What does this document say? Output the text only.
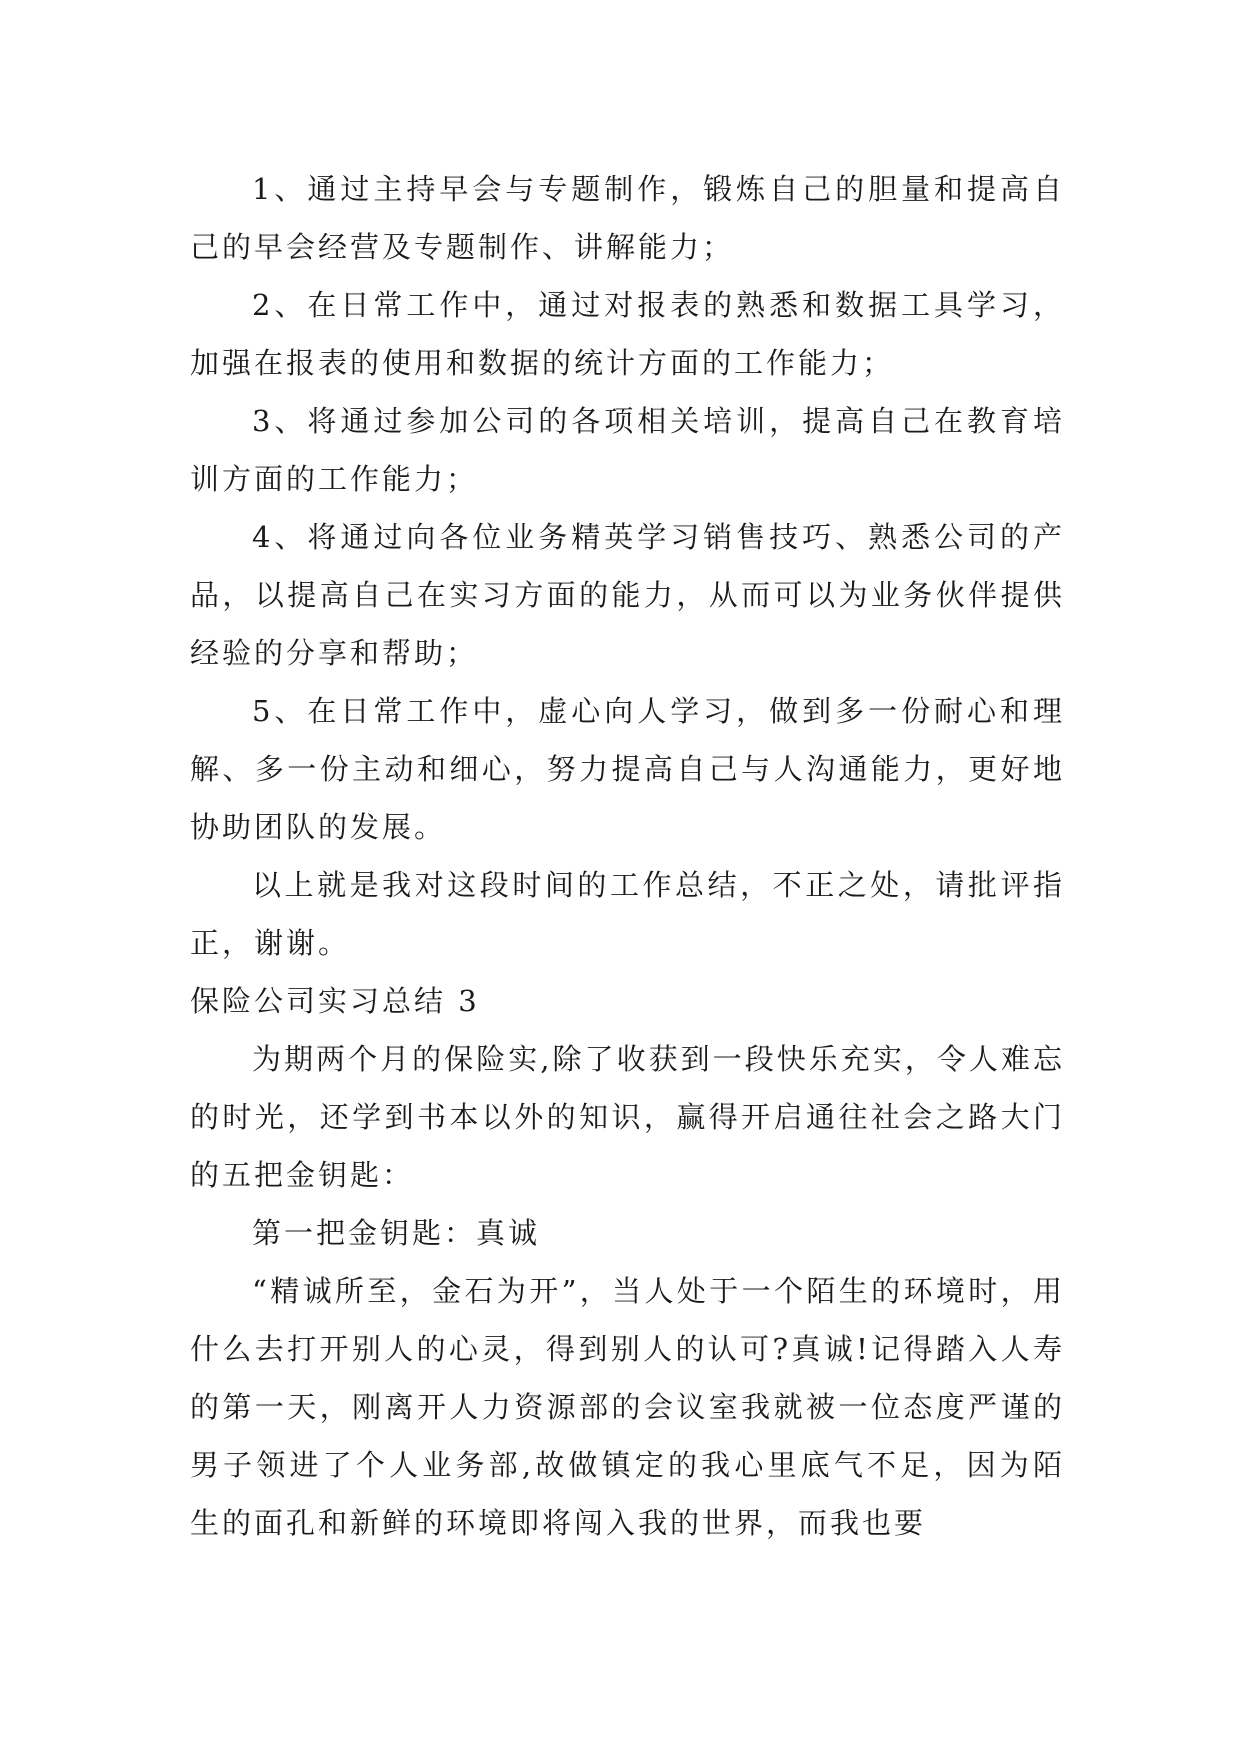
1、通过主持早会与专题制作，锻炼自己的胆量和提高自己的早会经营及专题制作、讲解能力；

2、在日常工作中，通过对报表的熟悉和数据工具学习，加强在报表的使用和数据的统计方面的工作能力；

3、将通过参加公司的各项相关培训，提高自己在教育培训方面的工作能力；

4、将通过向各位业务精英学习销售技巧、熟悉公司的产品，以提高自己在实习方面的能力，从而可以为业务伙伴提供经验的分享和帮助；

5、在日常工作中，虚心向人学习，做到多一份耐心和理解、多一份主动和细心，努力提高自己与人沟通能力，更好地协助团队的发展。

以上就是我对这段时间的工作总结，不正之处，请批评指正，谢谢。

保险公司实习总结 3

为期两个月的保险实,除了收获到一段快乐充实，令人难忘的时光，还学到书本以外的知识，赢得开启通往社会之路大门的五把金钥匙：

第一把金钥匙：真诚

“精诚所至，金石为开”，当人处于一个陌生的环境时，用什么去打开别人的心灵，得到别人的认可?真诚!记得踏入人寿的第一天，刚离开人力资源部的会议室我就被一位态度严谨的男子领进了个人业务部,故做镇定的我心里底气不足，因为陌生的面孔和新鲜的环境即将闯入我的世界，而我也要
